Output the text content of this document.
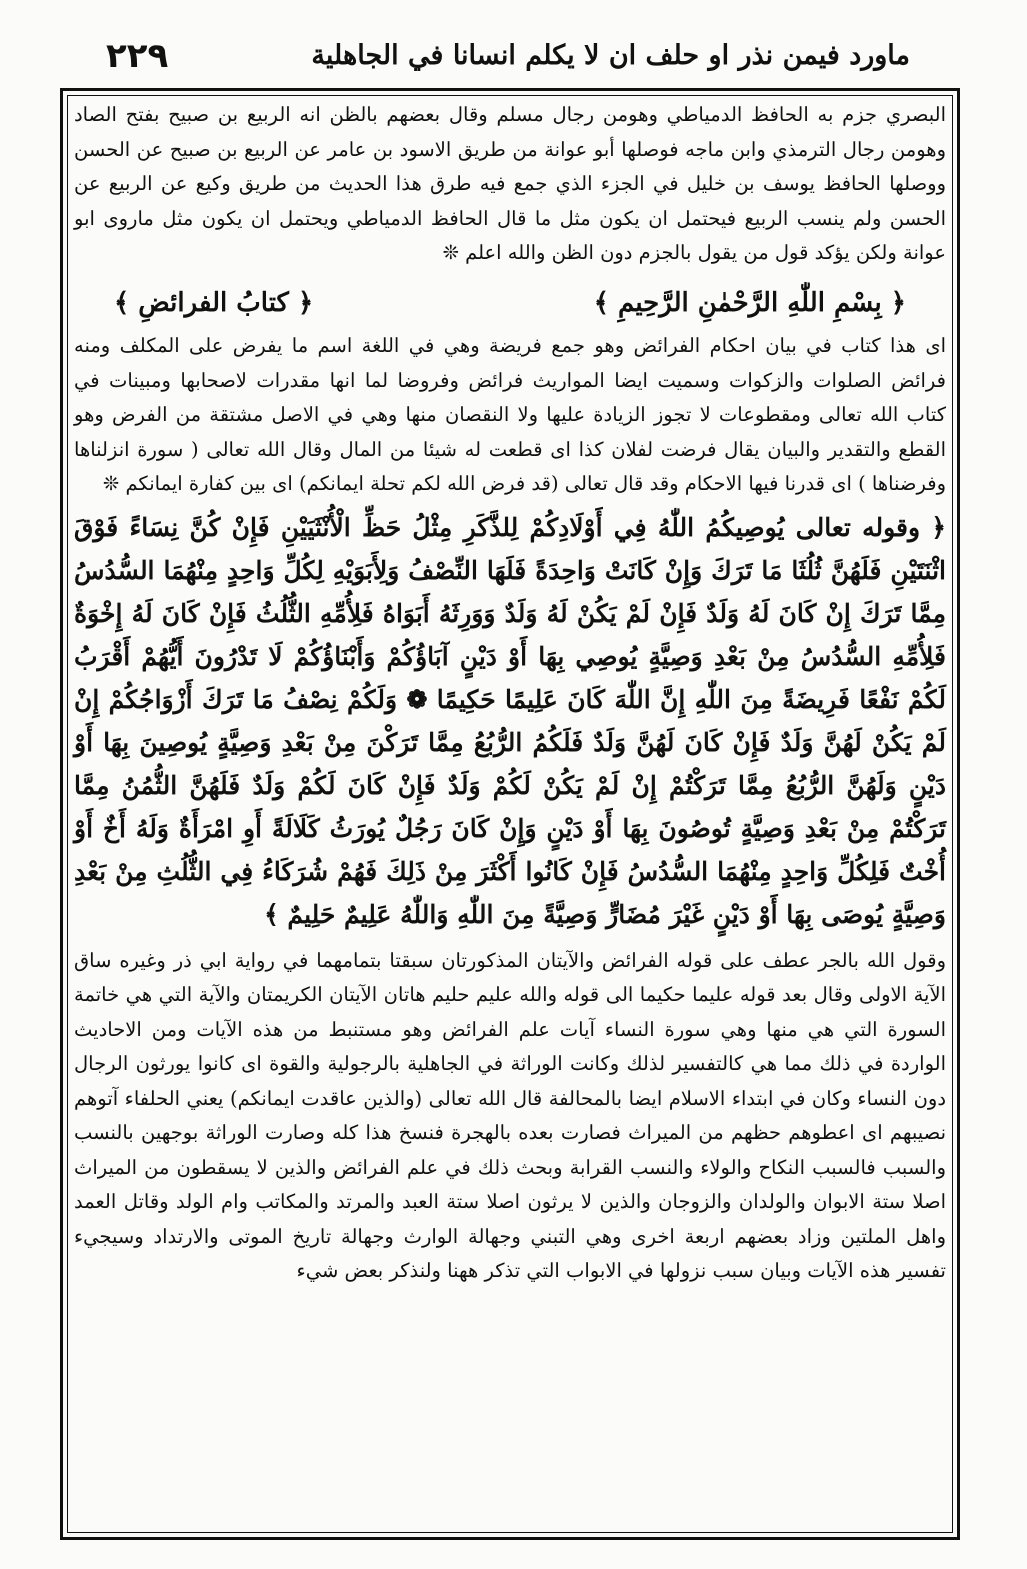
٢٢٩	ماورد فيمن نذر او حلف ان لا يكلم انسانا في الجاهلية

البصري جزم به الحافظ الدمياطي وهومن رجال مسلم وقال بعضهم بالظن انه الربيع بن صبيح بفتح الصاد وهومن رجال الترمذي وابن ماجه فوصلها أبو عوانة من طريق الاسود بن عامر عن الربيع بن صبيح عن الحسن ووصلها الحافظ يوسف بن خليل في الجزء الذي جمع فيه طرق هذا الحديث من طريق وكيع عن الربيع عن الحسن ولم ينسب الربيع فيحتمل ان يكون مثل ما قال الحافظ الدمياطي ويحتمل ان يكون مثل ماروى ابو عوانة ولكن يؤكد قول من يقول بالجزم دون الظن والله اعلم ❊

﴿ بِسْمِ اللّٰهِ الرَّحْمٰنِ الرَّحِيمِ ﴾
﴿ كتابُ الفرائضِ ﴾

اى هذا كتاب في بيان احكام الفرائض وهو جمع فريضة وهي في اللغة اسم ما يفرض على المكلف ومنه فرائض الصلوات والزكوات وسميت ايضا المواريث فرائض وفروضا لما انها مقدرات لاصحابها ومبينات في كتاب الله تعالى ومقطوعات لا تجوز الزيادة عليها ولا النقصان منها وهي في الاصل مشتقة من الفرض وهو القطع والتقدير والبيان يقال فرضت لفلان كذا اى قطعت له شيئا من المال وقال الله تعالى ( سورة انزلناها وفرضناها ) اى قدرنا فيها الاحكام وقد قال تعالى (قد فرض الله لكم تحلة ايمانكم) اى بين كفارة ايمانكم ❊

﴿ وقوله تعالى يُوصِيكُمُ اللّٰهُ فِي أَوْلَادِكُمْ لِلذَّكَرِ مِثْلُ حَظِّ الْأُنْثَيَيْنِ فَإِنْ كُنَّ نِسَاءً فَوْقَ اثْنَتَيْنِ فَلَهُنَّ ثُلُثَا مَا تَرَكَ وَإِنْ كَانَتْ وَاحِدَةً فَلَهَا النِّصْفُ وَلِأَبَوَيْهِ لِكُلِّ وَاحِدٍ مِنْهُمَا السُّدُسُ مِمَّا تَرَكَ إِنْ كَانَ لَهُ وَلَدٌ فَإِنْ لَمْ يَكُنْ لَهُ وَلَدٌ وَوَرِثَهُ أَبَوَاهُ فَلِأُمِّهِ الثُّلُثُ فَإِنْ كَانَ لَهُ إِخْوَةٌ فَلِأُمِّهِ السُّدُسُ مِنْ بَعْدِ وَصِيَّةٍ يُوصِي بِهَا أَوْ دَيْنٍ آبَاؤُكُمْ وَأَبْنَاؤُكُمْ لَا تَدْرُونَ أَيُّهُمْ أَقْرَبُ لَكُمْ نَفْعًا فَرِيضَةً مِنَ اللّٰهِ إِنَّ اللّٰهَ كَانَ عَلِيمًا حَكِيمًا ❁ وَلَكُمْ نِصْفُ مَا تَرَكَ أَزْوَاجُكُمْ إِنْ لَمْ يَكُنْ لَهُنَّ وَلَدٌ فَإِنْ كَانَ لَهُنَّ وَلَدٌ فَلَكُمُ الرُّبُعُ مِمَّا تَرَكْنَ مِنْ بَعْدِ وَصِيَّةٍ يُوصِينَ بِهَا أَوْ دَيْنٍ وَلَهُنَّ الرُّبُعُ مِمَّا تَرَكْتُمْ إِنْ لَمْ يَكُنْ لَكُمْ وَلَدٌ فَإِنْ كَانَ لَكُمْ وَلَدٌ فَلَهُنَّ الثُّمُنُ مِمَّا تَرَكْتُمْ مِنْ بَعْدِ وَصِيَّةٍ تُوصُونَ بِهَا أَوْ دَيْنٍ وَإِنْ كَانَ رَجُلٌ يُورَثُ كَلَالَةً أَوِ امْرَأَةٌ وَلَهُ أَخٌ أَوْ أُخْتٌ فَلِكُلِّ وَاحِدٍ مِنْهُمَا السُّدُسُ فَإِنْ كَانُوا أَكْثَرَ مِنْ ذَلِكَ فَهُمْ شُرَكَاءُ فِي الثُّلُثِ مِنْ بَعْدِ وَصِيَّةٍ يُوصَى بِهَا أَوْ دَيْنٍ غَيْرَ مُضَارٍّ وَصِيَّةً مِنَ اللّٰهِ وَاللّٰهُ عَلِيمٌ حَلِيمٌ ﴾

وقول الله بالجر عطف على قوله الفرائض والآيتان المذكورتان سبقتا بتمامهما في رواية ابي ذر وغيره ساق الآية الاولى وقال بعد قوله عليما حكيما الى قوله والله عليم حليم هاتان الآيتان الكريمتان والآية التي هي خاتمة السورة التي هي منها وهي سورة النساء آيات علم الفرائض وهو مستنبط من هذه الآيات ومن الاحاديث الواردة في ذلك مما هي كالتفسير لذلك وكانت الوراثة في الجاهلية بالرجولية والقوة اى كانوا يورثون الرجال دون النساء وكان في ابتداء الاسلام ايضا بالمحالفة قال الله تعالى (والذين عاقدت ايمانكم) يعني الحلفاء آتوهم نصيبهم اى اعطوهم حظهم من الميراث فصارت بعده بالهجرة فنسخ هذا كله وصارت الوراثة بوجهين بالنسب والسبب فالسبب النكاح والولاء والنسب القرابة وبحث ذلك في علم الفرائض والذين لا يسقطون من الميراث اصلا ستة الابوان والولدان والزوجان والذين لا يرثون اصلا ستة العبد والمرتد والمكاتب وام الولد وقاتل العمد واهل الملتين وزاد بعضهم اربعة اخرى وهي التبني وجهالة الوارث وجهالة تاريخ الموتى والارتداد وسيجيء تفسير هذه الآيات وبيان سبب نزولها في الابواب التي تذكر ههنا ولنذكر بعض شيء
